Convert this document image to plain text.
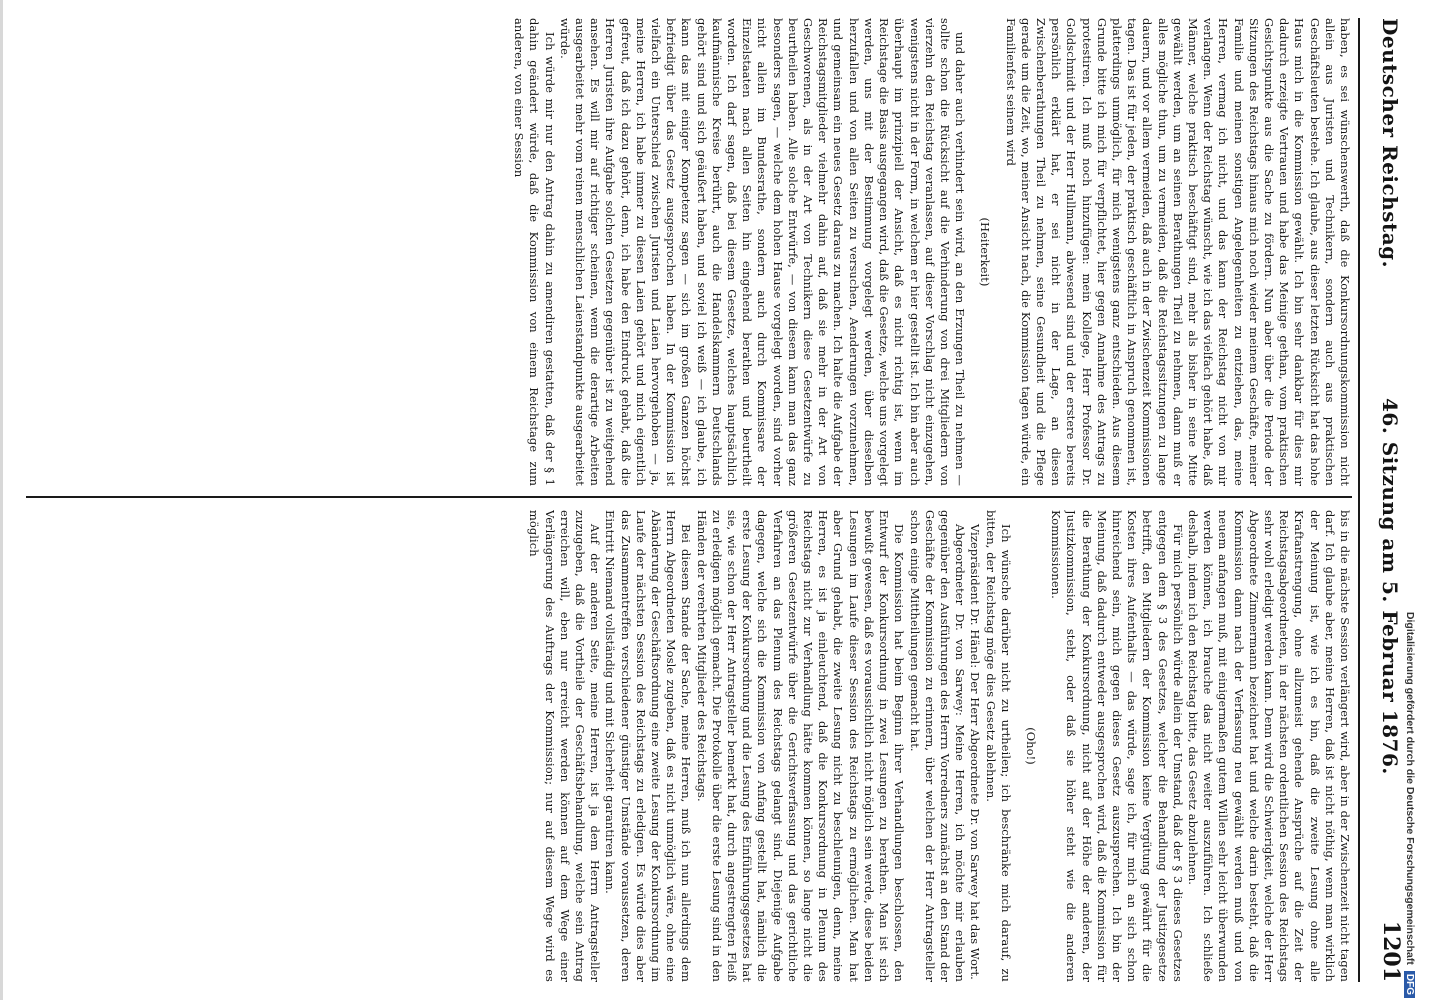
Deutscher Reichstag.
46. Sitzung am 5. Februar 1876.
1201

haben, es sei wünschenswerth, daß die Konkursordnungskommission nicht allein aus Juristen und Technikern, sondern auch aus praktischen Geschäftsleuten bestehe. Ich glaube, aus dieser letzten Rücksicht hat das hohe Haus mich in die Kommission gewählt. Ich bin sehr dankbar für dies mir dadurch erzeigte Vertrauen und habe das Meinige gethan, vom praktischen Gesichtspunkte aus die Sache zu fördern. Nun aber über die Periode der Sitzungen des Reichstags hinaus mich noch wieder meinem Geschäfte, meiner Familie und meinen sonstigen Angelegenheiten zu entziehen, das, meine Herren, vermag ich nicht, und das kann der Reichstag nicht von mir verlangen. Wenn der Reichstag wünscht, wie ich das vielfach gehört habe, daß Männer, welche praktisch beschäftigt sind, mehr als bisher in seine Mitte gewählt werden, um an seinen Berathungen Theil zu nehmen, dann muß er alles mögliche thun, um zu vermeiden, daß die Reichstagssitzungen zu lange dauern, und vor allem vermeiden, daß auch in der Zwischenzeit Kommissionen tagen. Das ist für jeden, der praktisch geschäftlich in Anspruch genommen ist, platterdings unmöglich, für mich wenigstens ganz entschieden. Aus diesem Grunde bitte ich mich für verpflichtet, hier gegen Annahme des Antrags zu protestiren. Ich muß noch hinzufügen: mein Kollege, Herr Professor Dr. Goldschmidt und der Herr Hullmann, abwesend sind und der erstere bereits persönlich erklärt hat, er sei nicht in der Lage, an diesen Zwischenberathungen Theil zu nehmen, seine Gesundheit und die Pflege gerade um die Zeit, wo, meiner Ansicht nach, die Kommission tagen würde, ein Familienfest seinem wird

(Heiterkeit)

und daher auch verhindert sein wird, an den Erzungen Theil zu nehmen — sollte schon die Rücksicht auf die Verhinderung von drei Mitgliedern von vierzehn den Reichstag veranlassen, auf dieser Vorschlag nicht einzugehen, wenigstens nicht in der Form, in welchem er hier gestellt ist. Ich bin aber auch überhaupt im prinzipiell der Ansicht, daß es nicht richtig ist, wenn im Reichstage die Basis ausgegangen wird, daß die Gesetze, welche uns vorgelegt werden, uns mit der Bestimmung vorgelegt werden, über dieselben herzufallen und von allen Seiten zu versuchen, Aenderungen vorzunehmen, und gemeinsam ein neues Gesetz daraus zu machen. Ich halte die Aufgabe der Reichstagsmitglieder vielmehr dahin auf, daß sie mehr in der Art von Geschworenen, als in der Art von Technikern diese Gesetzentwürfe zu beurtheilen haben. Alle solche Entwürfe, — von diesem kann man das ganz besonders sagen, — welche dem hohen Hause vorgelegt worden, sind vorher nicht allein im Bundesrathe, sondern auch durch Kommissare der Einzelstaaten nach allen Seiten hin eingehend berathen und beurtheilt worden. Ich darf sagen, daß bei diesem Gesetze, welches hauptsächlich kaufmännische Kreise berührt, auch die Handelskammern Deutschlands gehört sind und sich geäußert haben, und soviel ich weiß — ich glaube, ich kann das mit einiger Kompetenz sagen — sich im großen Ganzen höchst befriedigt über das Gesetz ausgesprochen haben. In der Kommission ist vielfach ein Unterschied zwischen Juristen und Laien hervorgehoben — ja, meine Herren, ich habe immer zu diesen Laien gehört und mich eigentlich gefreut, daß ich dazu gehört, denn, ich habe den Eindruck gehabt, daß die Herren Juristen ihre Aufgabe solchen Gesetzen gegenüber ist zu weitgehend ansehen. Es will mir auf richtiger scheinen, wenn die derartige Arbeiten ausgearbeitet mehr vom reinen menschlichen Laienstandpunkte ausgearbeitet würde.

Ich würde mir nur den Antrag dahin zu amendiren gestatten, daß der § 1 dahin geändert würde, daß die Kommission von einem Reichstage zum anderen, von einer Session

bis in die nächste Session verlängert wird, aber in der Zwischenzeit nicht tagen darf. Ich glaube aber, meine Herren, daß ist nicht nöthig, wenn man wirklich der Meinung ist, wie ich es bin, daß die zweite Lesung ohne alle Kraftanstrengung, ohne allzumeist gehende Ansprüche auf die Zeit der Reichstagsabgeordneten, in der nächsten ordentlichen Session des Reichstags sehr wohl erledigt werden kann. Denn wird die Schwierigkeit, welche der Herr Abgeordnete Zimmermann bezeichnet hat und welche darin besteht, daß die Kommission dann nach der Verfassung neu gewählt werden muß und von neuem anfangen muß, mit einigermaßen gutem Willen sehr leicht überwunden werden können, ich brauche das nicht weiter auszuführen. Ich schließe deshalb, indem ich den Reichstag bitte, das Gesetz abzulehnen.

Für mich persönlich würde allein der Umstand, daß der § 3 dieses Gesetzes entgegen dem § 3 des Gesetzes, welcher die Behandlung der Justizgesetze betrifft, den Mitgliedern der Kommission keine Vergütung gewährt für die Kosten ihres Aufenthalts — das würde, sage ich, für mich an sich schon hinreichend sein, mich gegen dieses Gesetz auszusprechen. Ich bin der Meinung, daß dadurch entweder ausgesprochen wird, daß die Kommission für die Berathung der Konkursordnung, nicht auf der Höhe der anderen, der Justizkommission, steht, oder daß sie höher steht wie die anderen Kommissionen.

(Oho!)

Ich wünsche darüber nicht zu urtheilen; ich beschränke mich darauf, zu bitten, der Reichstag möge dies Gesetz ablehnen.

Vizepräsident Dr. Hänel: Der Herr Abgeordnete Dr. von Sarwey hat das Wort.

Abgeordneter Dr. von Sarwey: Meine Herren, ich möchte mir erlauben gegenüber den Ausführungen des Herrn Vorredners zunächst an den Stand der Geschäfte der Kommission zu erinnern, über welchen der Herr Antragsteller schon einige Mittheilungen gemacht hat.

Die Kommission hat beim Beginn ihrer Verhandlungen beschlossen, den Entwurf der Konkursordnung in zwei Lesungen zu berathen. Man ist sich bewußt gewesen, daß es voraussichtlich nicht möglich sein werde, diese beiden Lesungen im Laufe dieser Session des Reichstags zu ermöglichen. Man hat aber Grund gehabt, die zweite Lesung nicht zu beschleunigen, denn, meine Herren, es ist ja einleuchtend, daß die Konkursordnung in Plenum des Reichstags nicht zur Verhandlung hätte kommen können, so lange nicht die größeren Gesetzentwürfe über die Gerichtsverfassung und das gerichtliche Verfahren an das Plenum des Reichstags gelangt sind. Diejenige Aufgabe dagegen, welche sich die Kommission von Anfang gestellt hat, nämlich die erste Lesung der Konkursordnung und die Lesung des Einführungsgesetzes hat sie, wie schon der Herr Antragsteller bemerkt hat, durch angestrengten Fleiß zu erledigen möglich gemacht. Die Protokolle über die erste Lesung sind in den Händen der verehrten Mitglieder des Reichstags.

Bei diesem Stande der Sache, meine Herren, muß ich nun allerdings dem Herrn Abgeordneten Mosle zugeben, daß es nicht unmöglich wäre, ohne eine Abänderung der Geschäftsordnung eine zweite Lesung der Konkursordnung im Laufe der nächsten Session des Reichstags zu erledigen. Es würde dies aber das Zusammentreffen verschiedener günstiger Umstände voraussetzen, deren Eintritt Niemand vollständig und mit Sicherheit garantiren kann.

Auf der anderen Seite, meine Herren, ist ja dem Herrn Antragsteller zuzugeben, daß die Vortheile der Geschäftsbehandlung, welche sein Antrag erreichen will, eben nur erreicht werden können auf dem Wege einer Verlängerung des Auftrags der Kommission; nur auf diesem Wege wird es möglich

Digitalisierung gefördert durch die Deutsche ForschungsgemeinschaftDFG
